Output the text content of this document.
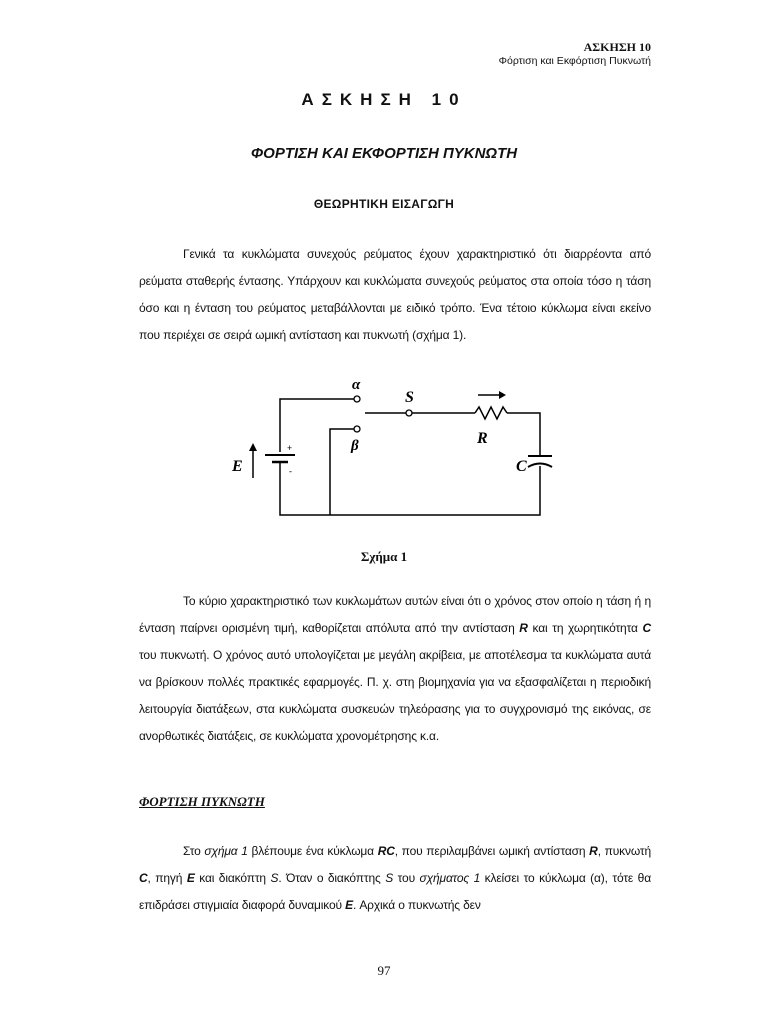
ΑΣΚΗΣΗ 10
Φόρτιση και Εκφόρτιση Πυκνωτή
ΑΣΚΗΣΗ 10
ΦΟΡΤΙΣΗ ΚΑΙ ΕΚΦΟΡΤΙΣΗ ΠΥΚΝΩΤΗ
ΘΕΩΡΗΤΙΚΗ ΕΙΣΑΓΩΓΗ

Γενικά τα κυκλώματα συνεχούς ρεύματος έχουν χαρακτηριστικό ότι διαρρέοντα από ρεύματα σταθερής έντασης. Υπάρχουν και κυκλώματα συνεχούς ρεύματος στα οποία τόσο η τάση όσο και η ένταση του ρεύματος μεταβάλλονται με ειδικό τρόπο. Ένα τέτοιο κύκλωμα είναι εκείνο που περιέχει σε σειρά ωμική αντίσταση και πυκνωτή (σχήμα 1).

α
β
S
R
C
E
+
-
Σχήμα 1

Το κύριο χαρακτηριστικό των κυκλωμάτων αυτών είναι ότι ο χρόνος στον οποίο η τάση ή η ένταση παίρνει ορισμένη τιμή, καθορίζεται απόλυτα από την αντίσταση R και τη χωρητικότητα C του πυκνωτή. Ο χρόνος αυτό υπολογίζεται με μεγάλη ακρίβεια, με αποτέλεσμα τα κυκλώματα αυτά να βρίσκουν πολλές πρακτικές εφαρμογές. Π. χ. στη βιομηχανία για να εξασφαλίζεται η περιοδική λειτουργία διατάξεων, στα κυκλώματα συσκευών τηλεόρασης για το συγχρονισμό της εικόνας, σε ανορθωτικές διατάξεις, σε κυκλώματα χρονομέτρησης κ.α.

ΦΟΡΤΙΣΗ ΠΥΚΝΩΤΗ

Στο σχήμα 1 βλέπουμε ένα κύκλωμα RC, που περιλαμβάνει ωμική αντίσταση R, πυκνωτή C, πηγή E και διακόπτη S. Όταν ο διακόπτης S του σχήματος 1 κλείσει το κύκλωμα (α), τότε θα επιδράσει στιγμιαία διαφορά δυναμικού E. Αρχικά ο πυκνωτής δεν

97
